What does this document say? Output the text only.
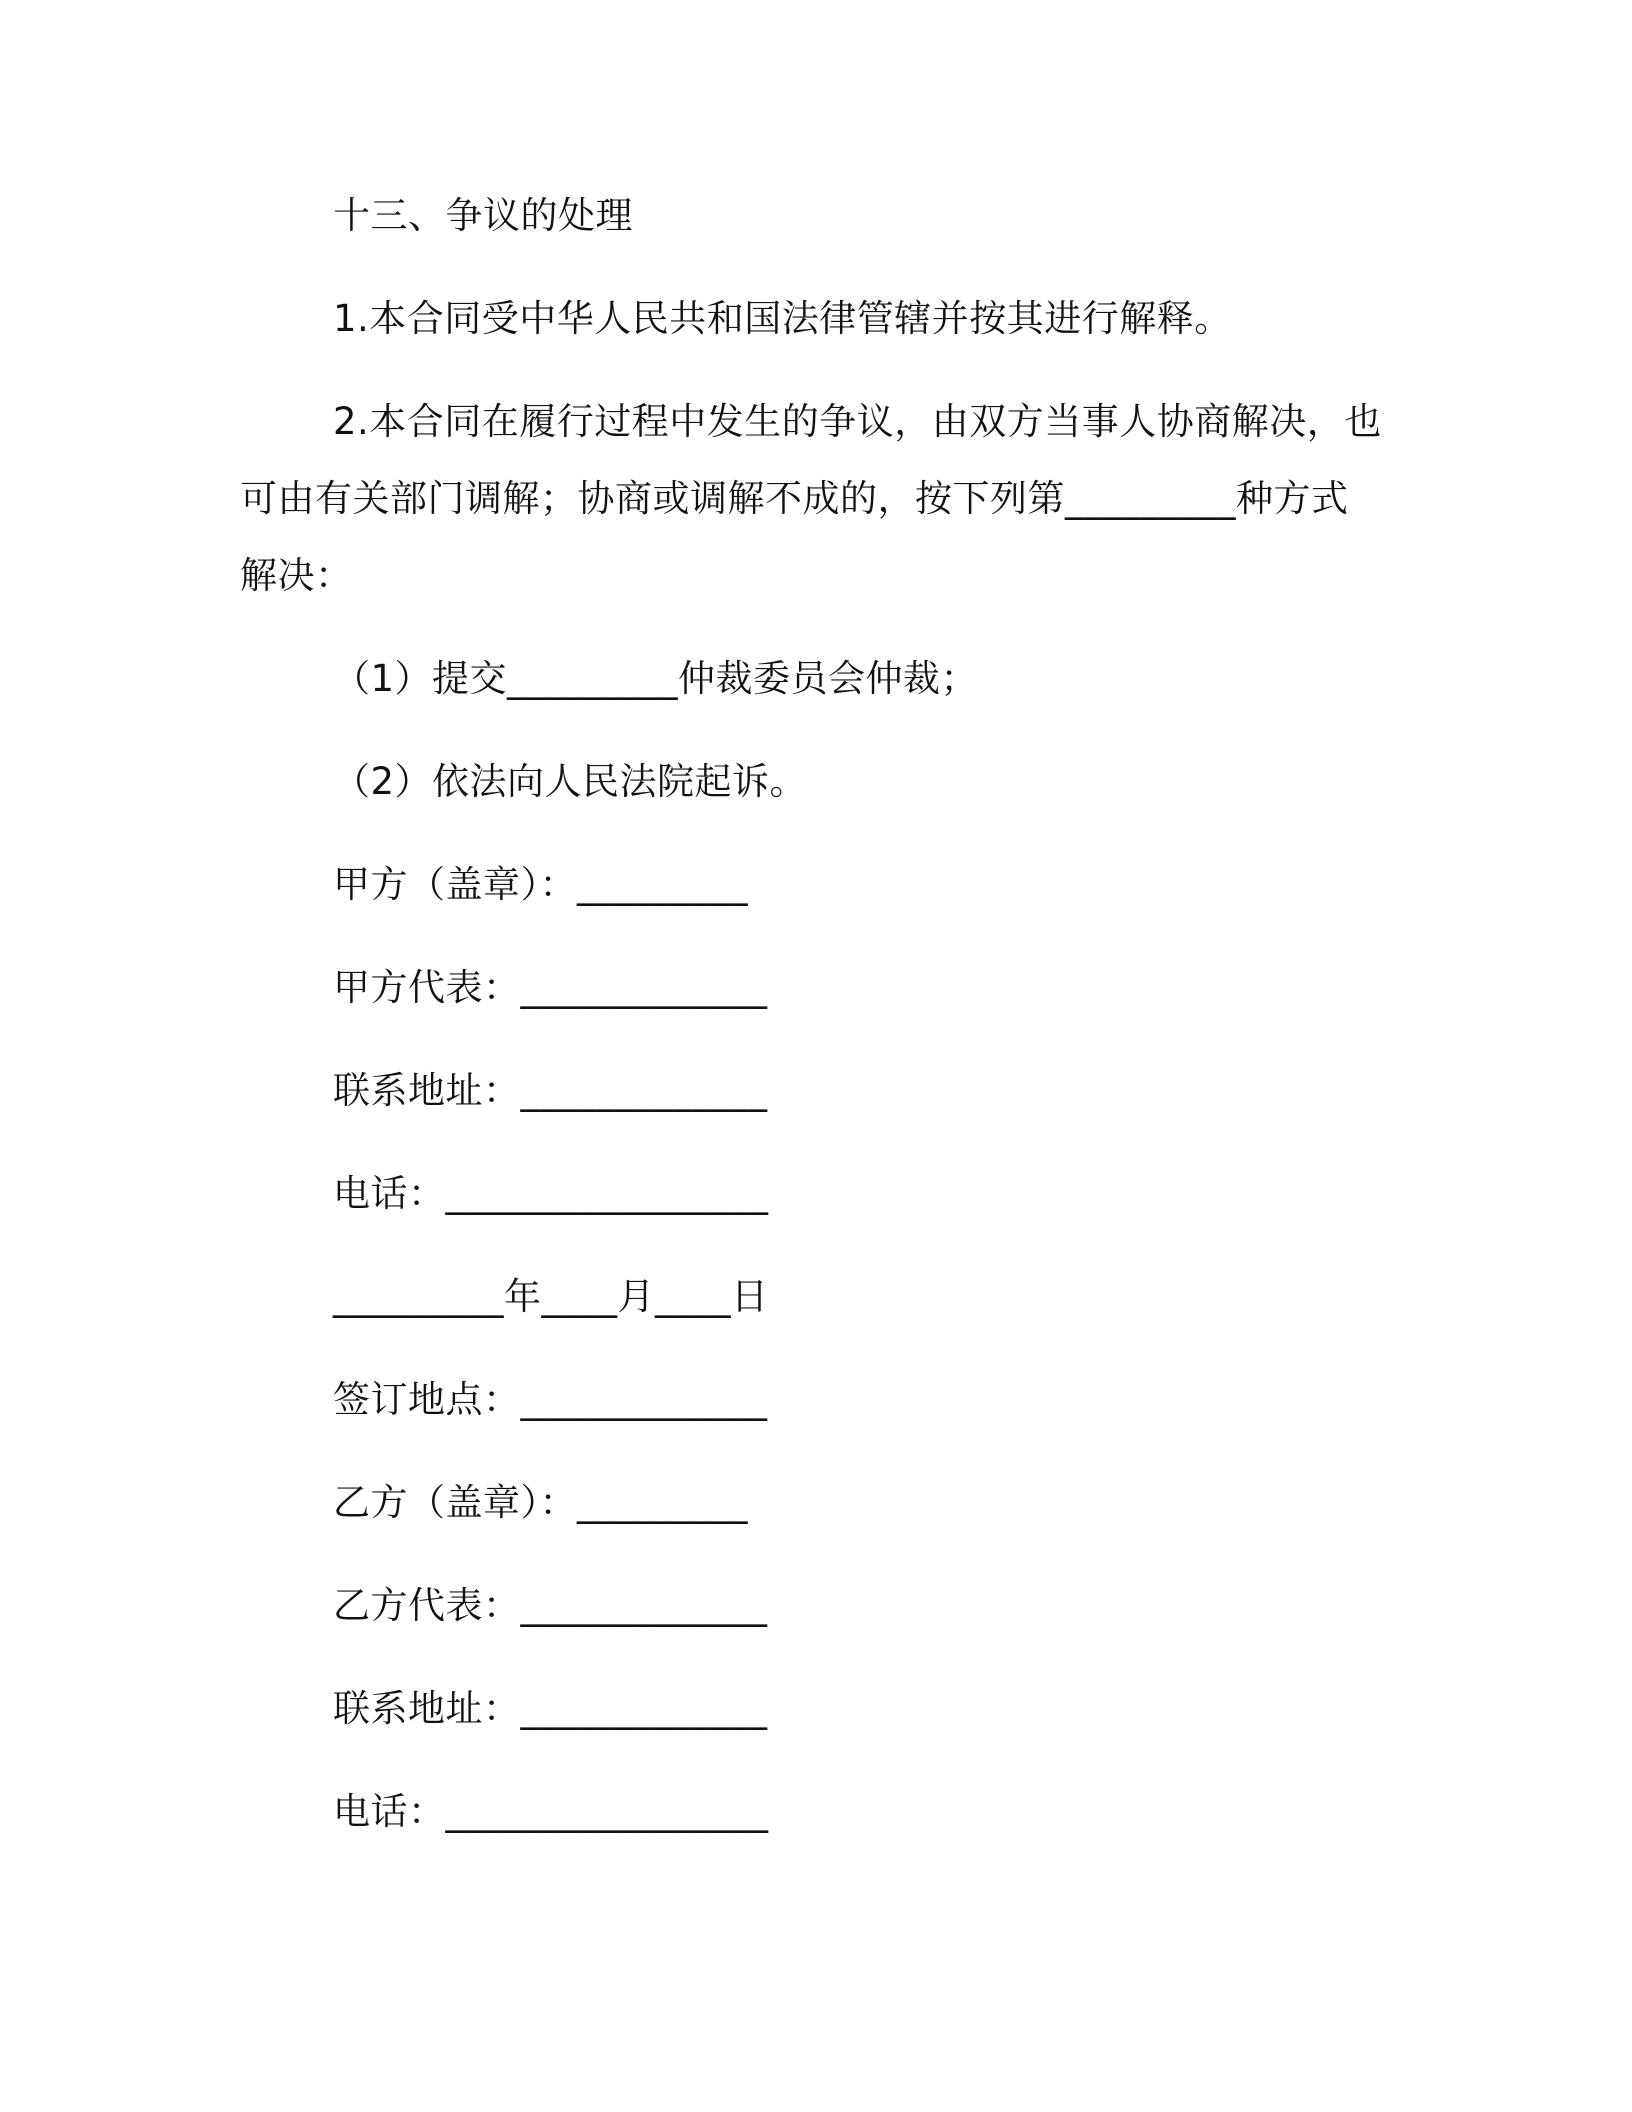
十三、争议的处理
1.本合同受中华人民共和国法律管辖并按其进行解释。
2.本合同在履行过程中发生的争议，由双方当事人协商解决，也
可由有关部门调解；协商或调解不成的，按下列第_________种方式
解决：
（1）提交_________仲裁委员会仲裁；
（2）依法向人民法院起诉。
甲方（盖章）：_________
甲方代表：_____________
联系地址：_____________
电话：_________________
_________年____月____日
签订地点：_____________
乙方（盖章）：_________
乙方代表：_____________
联系地址：_____________
电话：_________________
